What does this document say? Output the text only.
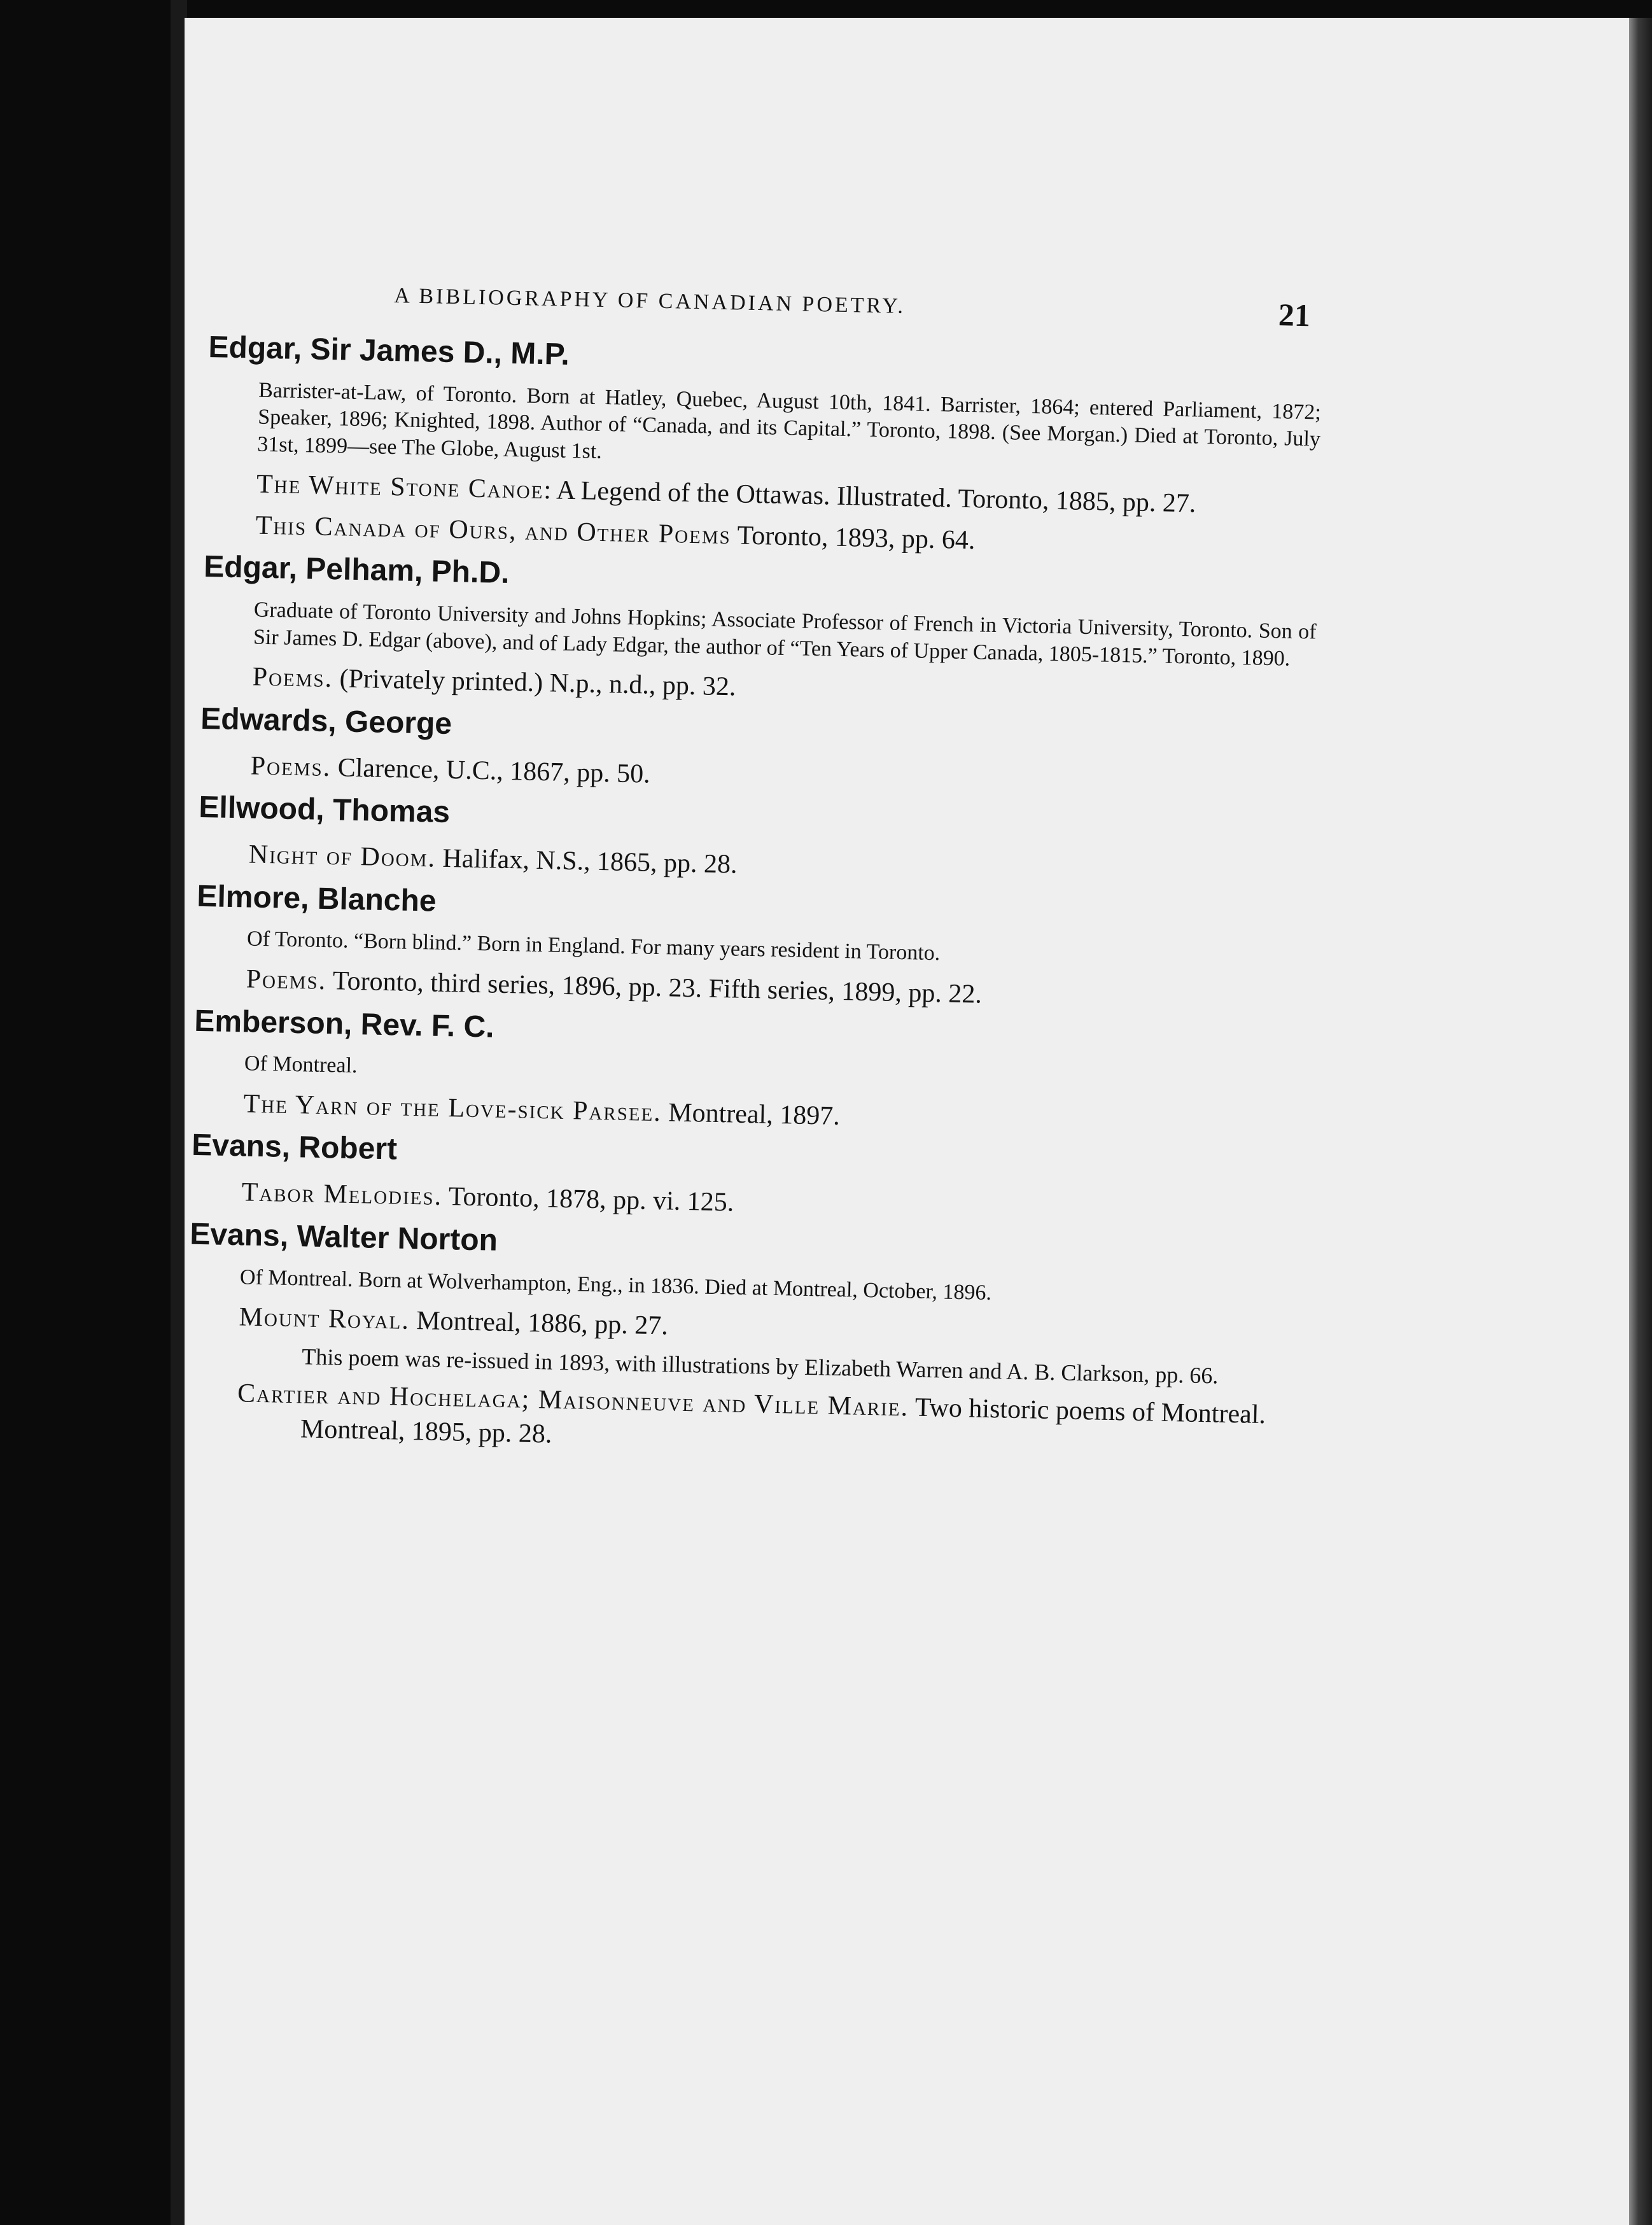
A BIBLIOGRAPHY OF CANADIAN POETRY.	21
Edgar, Sir James D., M.P.
Barrister-at-Law, of Toronto. Born at Hatley, Quebec, August 10th, 1841. Barrister, 1864; entered Parliament, 1872; Speaker, 1896; Knighted, 1898. Author of “Canada, and its Capital.” Toronto, 1898. (See Morgan.) Died at Toronto, July 31st, 1899—see The Globe, August 1st.
The White Stone Canoe: A Legend of the Ottawas. Illustrated. Toronto, 1885, pp. 27.
This Canada of Ours, and Other Poems Toronto, 1893, pp. 64.
Edgar, Pelham, Ph.D.
Graduate of Toronto University and Johns Hopkins; Associate Professor of French in Victoria University, Toronto. Son of Sir James D. Edgar (above), and of Lady Edgar, the author of “Ten Years of Upper Canada, 1805-1815.” Toronto, 1890.
Poems. (Privately printed.) N.p., n.d., pp. 32.
Edwards, George
Poems. Clarence, U.C., 1867, pp. 50.
Ellwood, Thomas
Night of Doom. Halifax, N.S., 1865, pp. 28.
Elmore, Blanche
Of Toronto. “Born blind.” Born in England. For many years resident in Toronto.
Poems. Toronto, third series, 1896, pp. 23. Fifth series, 1899, pp. 22.
Emberson, Rev. F. C.
Of Montreal.
The Yarn of the Love-sick Parsee. Montreal, 1897.
Evans, Robert
Tabor Melodies. Toronto, 1878, pp. vi. 125.
Evans, Walter Norton
Of Montreal. Born at Wolverhampton, Eng., in 1836. Died at Montreal, October, 1896.
Mount Royal. Montreal, 1886, pp. 27.
This poem was re-issued in 1893, with illustrations by Elizabeth Warren and A. B. Clarkson, pp. 66.
Cartier and Hochelaga; Maisonneuve and Ville Marie. Two historic poems of Montreal. Montreal, 1895, pp. 28.
